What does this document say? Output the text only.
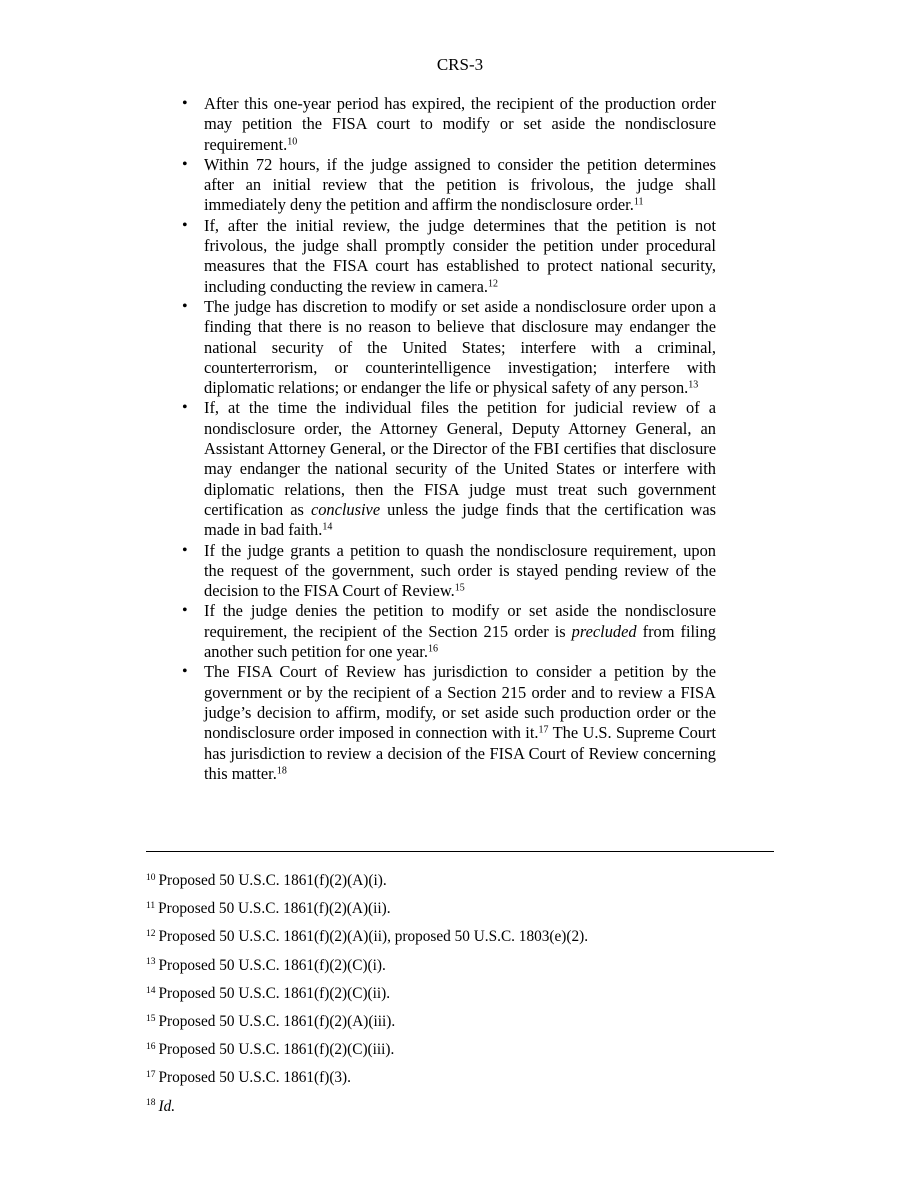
CRS-3
• After this one-year period has expired, the recipient of the production order may petition the FISA court to modify or set aside the nondisclosure requirement.$^{10}$
• Within 72 hours, if the judge assigned to consider the petition determines after an initial review that the petition is frivolous, the judge shall immediately deny the petition and affirm the nondisclosure order.$^{11}$
• If, after the initial review, the judge determines that the petition is not frivolous, the judge shall promptly consider the petition under procedural measures that the FISA court has established to protect national security, including conducting the review in camera.$^{12}$
• The judge has discretion to modify or set aside a nondisclosure order upon a finding that there is no reason to believe that disclosure may endanger the national security of the United States; interfere with a criminal, counterterrorism, or counterintelligence investigation; interfere with diplomatic relations; or endanger the life or physical safety of any person.$^{13}$
• If, at the time the individual files the petition for judicial review of a nondisclosure order, the Attorney General, Deputy Attorney General, an Assistant Attorney General, or the Director of the FBI certifies that disclosure may endanger the national security of the United States or interfere with diplomatic relations, then the FISA judge must treat such government certification as conclusive unless the judge finds that the certification was made in bad faith.$^{14}$
• If the judge grants a petition to quash the nondisclosure requirement, upon the request of the government, such order is stayed pending review of the decision to the FISA Court of Review.$^{15}$
• If the judge denies the petition to modify or set aside the nondisclosure requirement, the recipient of the Section 215 order is precluded from filing another such petition for one year.$^{16}$
• The FISA Court of Review has jurisdiction to consider a petition by the government or by the recipient of a Section 215 order and to review a FISA judge’s decision to affirm, modify, or set aside such production order or the nondisclosure order imposed in connection with it.$^{17}$ The U.S. Supreme Court has jurisdiction to review a decision of the FISA Court of Review concerning this matter.$^{18}$
$^{10}$ Proposed 50 U.S.C. 1861(f)(2)(A)(i).
$^{11}$ Proposed 50 U.S.C. 1861(f)(2)(A)(ii).
$^{12}$ Proposed 50 U.S.C. 1861(f)(2)(A)(ii), proposed 50 U.S.C. 1803(e)(2).
$^{13}$ Proposed 50 U.S.C. 1861(f)(2)(C)(i).
$^{14}$ Proposed 50 U.S.C. 1861(f)(2)(C)(ii).
$^{15}$ Proposed 50 U.S.C. 1861(f)(2)(A)(iii).
$^{16}$ Proposed 50 U.S.C. 1861(f)(2)(C)(iii).
$^{17}$ Proposed 50 U.S.C. 1861(f)(3).
$^{18}$ Id.
